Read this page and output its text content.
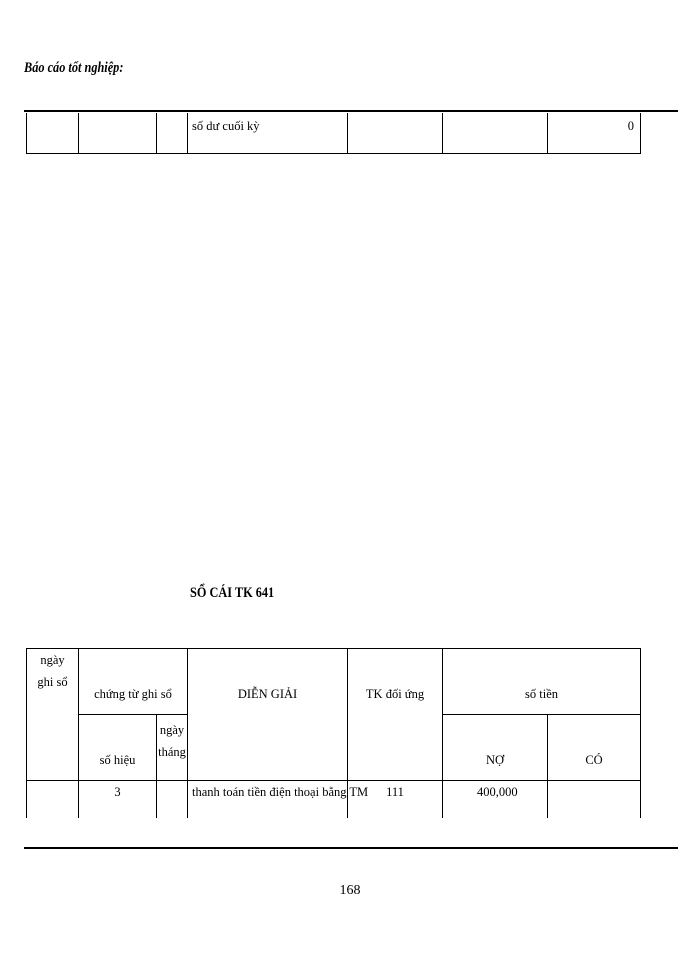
Báo cáo tốt nghiệp:
			số dư cuối kỳ			0
SỔ CÁI TK 641
ngày ghi sổ	chứng từ ghi sổ		DIỄN GIẢI	TK đối ứng	số tiền	
	số hiệu	ngày tháng			NỢ	CÓ
	3		thanh toán tiền điện thoại bằng TM	111	400,000	
168
